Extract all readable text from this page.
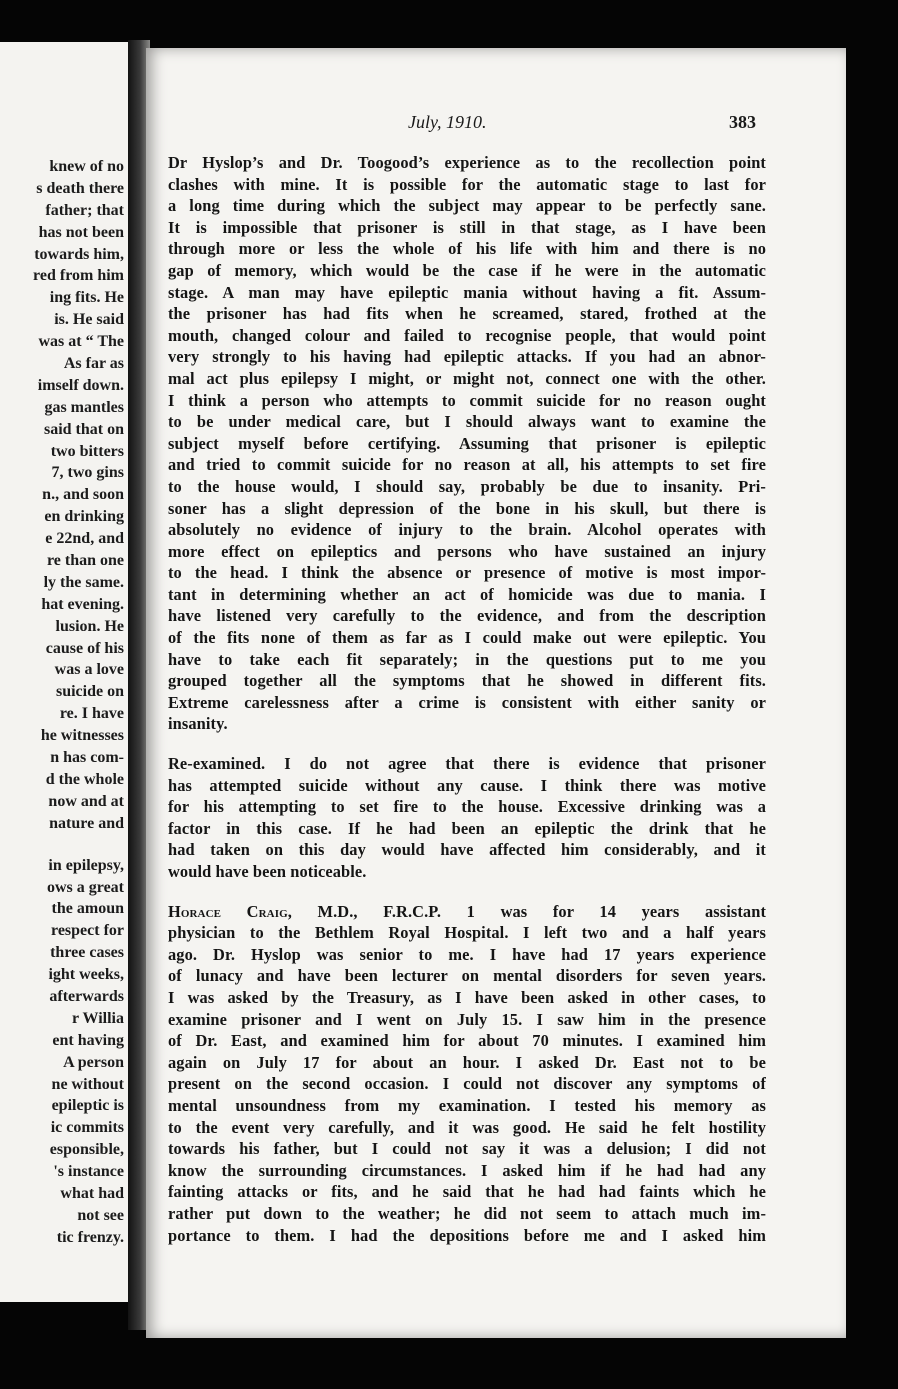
knew of no
s death there
father; that
has not been
towards him,
red from him
ing fits. He
is. He said
was at “ The
As far as
imself down.
gas mantles
said that on
two bitters
7, two gins
n., and soon
en drinking
e 22nd, and
re than one
ly the same.
hat evening.
lusion. He
cause of his
was a love
suicide on
re. I have
he witnesses
n has com-
d the whole
now and at
nature and
in epilepsy,
ows a great
the amoun
respect for
three cases
ight weeks,
afterwards
r Willia
ent having
A person
ne without
epileptic is
ic commits
esponsible,
's instance
what had
not see
tic frenzy.
July, 1910.	383
Dr Hyslop’s and Dr. Toogood’s experience as to the recollection point
clashes with mine. It is possible for the automatic stage to last for
a long time during which the subject may appear to be perfectly sane.
It is impossible that prisoner is still in that stage, as I have been
through more or less the whole of his life with him and there is no
gap of memory, which would be the case if he were in the automatic
stage. A man may have epileptic mania without having a fit. Assum-
the prisoner has had fits when he screamed, stared, frothed at the
mouth, changed colour and failed to recognise people, that would point
very strongly to his having had epileptic attacks. If you had an abnor-
mal act plus epilepsy I might, or might not, connect one with the other.
I think a person who attempts to commit suicide for no reason ought
to be under medical care, but I should always want to examine the
subject myself before certifying. Assuming that prisoner is epileptic
and tried to commit suicide for no reason at all, his attempts to set fire
to the house would, I should say, probably be due to insanity. Pri-
soner has a slight depression of the bone in his skull, but there is
absolutely no evidence of injury to the brain. Alcohol operates with
more effect on epileptics and persons who have sustained an injury
to the head. I think the absence or presence of motive is most impor-
tant in determining whether an act of homicide was due to mania. I
have listened very carefully to the evidence, and from the description
of the fits none of them as far as I could make out were epileptic. You
have to take each fit separately; in the questions put to me you
grouped together all the symptoms that he showed in different fits.
Extreme carelessness after a crime is consistent with either sanity or
insanity.
Re-examined. I do not agree that there is evidence that prisoner
has attempted suicide without any cause. I think there was motive
for his attempting to set fire to the house. Excessive drinking was a
factor in this case. If he had been an epileptic the drink that he
had taken on this day would have affected him considerably, and it
would have been noticeable.
Horace Craig, M.D., F.R.C.P. 1 was for 14 years assistant
physician to the Bethlem Royal Hospital. I left two and a half years
ago. Dr. Hyslop was senior to me. I have had 17 years experience
of lunacy and have been lecturer on mental disorders for seven years.
I was asked by the Treasury, as I have been asked in other cases, to
examine prisoner and I went on July 15. I saw him in the presence
of Dr. East, and examined him for about 70 minutes. I examined him
again on July 17 for about an hour. I asked Dr. East not to be
present on the second occasion. I could not discover any symptoms of
mental unsoundness from my examination. I tested his memory as
to the event very carefully, and it was good. He said he felt hostility
towards his father, but I could not say it was a delusion; I did not
know the surrounding circumstances. I asked him if he had had any
fainting attacks or fits, and he said that he had had faints which he
rather put down to the weather; he did not seem to attach much im-
portance to them. I had the depositions before me and I asked him
